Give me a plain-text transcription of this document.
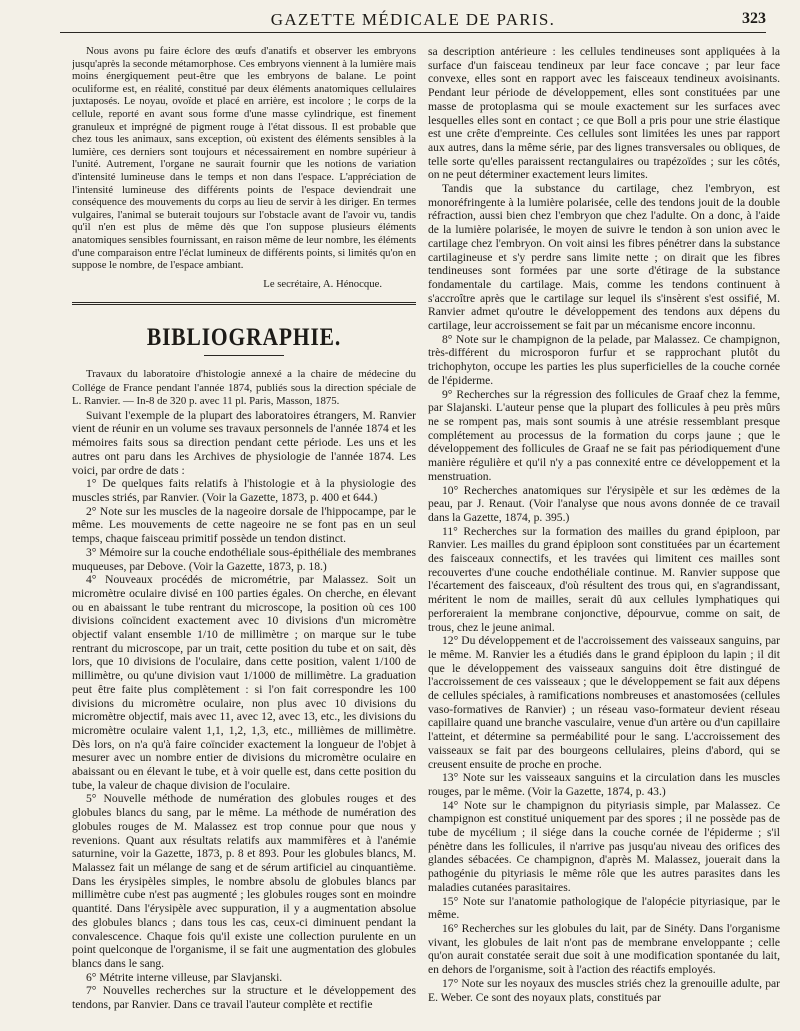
GAZETTE MÉDICALE DE PARIS.	323

Nous avons pu faire éclore des œufs d'anatifs et observer les embryons jusqu'après la seconde métamorphose. Ces embryons viennent à la lumière mais moins énergiquement peut-être que les embryons de balane. Le point oculiforme est, en réalité, constitué par deux éléments anatomiques cellulaires juxtaposés. Le noyau, ovoïde et placé en arrière, est incolore ; le corps de la cellule, reporté en avant sous forme d'une masse cylindrique, est finement granuleux et imprégné de pigment rouge à l'état dissous. Il est probable que chez tous les animaux, sans exception, où existent des éléments sensibles à la lumière, ces derniers sont toujours et nécessairement en nombre supérieur à l'unité. Autrement, l'organe ne saurait fournir que les notions de variation d'intensité lumineuse dans le temps et non dans l'espace. L'appréciation de l'intensité lumineuse des différents points de l'espace deviendrait une conséquence des mouvements du corps au lieu de servir à les diriger. En termes vulgaires, l'animal se buterait toujours sur l'obstacle avant de l'avoir vu, tandis qu'il n'en est plus de même dès que l'on suppose plusieurs éléments anatomiques sensibles fournissant, en raison même de leur nombre, les éléments d'une comparaison entre l'éclat lumineux de différents points, si limités qu'on en suppose le nombre, de l'espace ambiant.

Le secrétaire, A. Hénocque.

BIBLIOGRAPHIE.

Travaux du laboratoire d'histologie annexé a la chaire de médecine du Collége de France pendant l'année 1874, publiés sous la direction spéciale de L. Ranvier. — In-8 de 320 p. avec 11 pl. Paris, Masson, 1875.

Suivant l'exemple de la plupart des laboratoires étrangers, M. Ranvier vient de réunir en un volume ses travaux personnels de l'année 1874 et les mémoires faits sous sa direction pendant cette période. Les uns et les autres ont paru dans les Archives de physiologie de l'année 1874. Les voici, par ordre de dats :

1° De quelques faits relatifs à l'histologie et à la physiologie des muscles striés, par Ranvier. (Voir la Gazette, 1873, p. 400 et 644.)

2° Note sur les muscles de la nageoire dorsale de l'hippocampe, par le même. Les mouvements de cette nageoire ne se font pas en un seul temps, chaque faisceau primitif possède un tendon distinct.

3° Mémoire sur la couche endothéliale sous-épithéliale des membranes muqueuses, par Debove. (Voir la Gazette, 1873, p. 18.)

4° Nouveaux procédés de micrométrie, par Malassez. Soit un micromètre oculaire divisé en 100 parties égales. On cherche, en élevant ou en abaissant le tube rentrant du microscope, la position où ces 100 divisions coïncident exactement avec 10 divisions d'un micromètre objectif valant ensemble 1/10 de millimètre ; on marque sur le tube rentrant du microscope, par un trait, cette position du tube et on sait, dès lors, que 10 divisions de l'oculaire, dans cette position, valent 1/100 de millimètre, ou qu'une division vaut 1/1000 de millimètre. La graduation peut être faite plus complètement : si l'on fait correspondre les 100 divisions du micromètre oculaire, non plus avec 10 divisions du micromètre objectif, mais avec 11, avec 12, avec 13, etc., les divisions du micromètre oculaire valent 1,1, 1,2, 1,3, etc., millièmes de millimètre. Dès lors, on n'a qu'à faire coïncider exactement la longueur de l'objet à mesurer avec un nombre entier de divisions du micromètre oculaire en abaissant ou en élevant le tube, et à voir quelle est, dans cette position du tube, la valeur de chaque division de l'oculaire.

5° Nouvelle méthode de numération des globules rouges et des globules blancs du sang, par le même. La méthode de numération des globules rouges de M. Malassez est trop connue pour que nous y revenions. Quant aux résultats relatifs aux mammifères et à l'anémie saturnine, voir la Gazette, 1873, p. 8 et 893. Pour les globules blancs, M. Malassez fait un mélange de sang et de sérum artificiel au cinquantième. Dans les érysipèles simples, le nombre absolu de globules blancs par millimètre cube n'est pas augmenté ; les globules rouges sont en moindre quantité. Dans l'érysipèle avec suppuration, il y a augmentation absolue des globules blancs ; dans tous les cas, ceux-ci diminuent pendant la convalescence. Chaque fois qu'il existe une collection purulente en un point quelconque de l'organisme, il se fait une augmentation des globules blancs dans le sang.

6° Métrite interne villeuse, par Slavjanski.

7° Nouvelles recherches sur la structure et le développement des tendons, par Ranvier. Dans ce travail l'auteur complète et rectifie

sa description antérieure : les cellules tendineuses sont appliquées à la surface d'un faisceau tendineux par leur face concave ; par leur face convexe, elles sont en rapport avec les faisceaux tendineux avoisinants. Pendant leur période de développement, elles sont constituées par une masse de protoplasma qui se moule exactement sur les surfaces avec lesquelles elles sont en contact ; ce que Boll a pris pour une strie élastique est une crête d'empreinte. Ces cellules sont limitées les unes par rapport aux autres, dans la même série, par des lignes transversales ou obliques, de telle sorte qu'elles paraissent rectangulaires ou trapézoïdes ; sur les côtés, on ne peut déterminer exactement leurs limites.

Tandis que la substance du cartilage, chez l'embryon, est monoréfringente à la lumière polarisée, celle des tendons jouit de la double réfraction, aussi bien chez l'embryon que chez l'adulte. On a donc, à l'aide de la lumière polarisée, le moyen de suivre le tendon à son union avec le cartilage chez l'embryon. On voit ainsi les fibres pénétrer dans la substance cartilagineuse et s'y perdre sans limite nette ; on dirait que les fibres tendineuses sont formées par une sorte d'étirage de la substance fondamentale du cartilage. Mais, comme les tendons continuent à s'accroître après que le cartilage sur lequel ils s'insèrent s'est ossifié, M. Ranvier admet qu'outre le développement des tendons aux dépens du cartilage, leur accroissement se fait par un mécanisme encore inconnu.

8° Note sur le champignon de la pelade, par Malassez. Ce champignon, très-différent du microsporon furfur et se rapprochant plutôt du trichophyton, occupe les parties les plus superficielles de la couche cornée de l'épiderme.

9° Recherches sur la régression des follicules de Graaf chez la femme, par Slajanski. L'auteur pense que la plupart des follicules à peu près mûrs ne se rompent pas, mais sont soumis à une atrésie ressemblant presque complétement au processus de la formation du corps jaune ; que le développement des follicules de Graaf ne se fait pas périodiquement d'une manière régulière et qu'il n'y a pas connexité entre ce développement et la menstruation.

10° Recherches anatomiques sur l'érysipèle et sur les œdèmes de la peau, par J. Renaut. (Voir l'analyse que nous avons donnée de ce travail dans la Gazette, 1874, p. 395.)

11° Recherches sur la formation des mailles du grand épiploon, par Ranvier. Les mailles du grand épiploon sont constituées par un écartement des faisceaux connectifs, et les travées qui limitent ces mailles sont recouvertes d'une couche endothéliale continue. M. Ranvier suppose que l'écartement des faisceaux, d'où résultent des trous qui, en s'agrandissant, méritent le nom de mailles, serait dû aux cellules lymphatiques qui perforeraient la membrane conjonctive, dépourvue, comme on sait, de trous, chez le jeune animal.

12° Du développement et de l'accroissement des vaisseaux sanguins, par le même. M. Ranvier les a étudiés dans le grand épiploon du lapin ; il dit que le développement des vaisseaux sanguins doit être distingué de l'accroissement de ces vaisseaux ; que le développement se fait aux dépens de cellules spéciales, à ramifications nombreuses et anastomosées (cellules vaso-formatives de Ranvier) ; un réseau vaso-formateur devient réseau capillaire quand une branche vasculaire, venue d'un artère ou d'un capillaire l'atteint, et détermine sa perméabilité pour le sang. L'accroissement des vaisseaux se fait par des bourgeons cellulaires, pleins d'abord, qui se creusent ensuite de proche en proche.

13° Note sur les vaisseaux sanguins et la circulation dans les muscles rouges, par le même. (Voir la Gazette, 1874, p. 43.)

14° Note sur le champignon du pityriasis simple, par Malassez. Ce champignon est constitué uniquement par des spores ; il ne possède pas de tube de mycélium ; il siége dans la couche cornée de l'épiderme ; s'il pénètre dans les follicules, il n'arrive pas jusqu'au niveau des orifices des glandes sébacées. Ce champignon, d'après M. Malassez, jouerait dans la pathogénie du pityriasis le même rôle que les autres parasites dans les maladies cutanées parasitaires.

15° Note sur l'anatomie pathologique de l'alopécie pityriasique, par le même.

16° Recherches sur les globules du lait, par de Sinéty. Dans l'organisme vivant, les globules de lait n'ont pas de membrane enveloppante ; celle qu'on aurait constatée serait due soit à une modification spontanée du lait, en dehors de l'organisme, soit à l'action des réactifs employés.

17° Note sur les noyaux des muscles striés chez la grenouille adulte, par E. Weber. Ce sont des noyaux plats, constitués par
